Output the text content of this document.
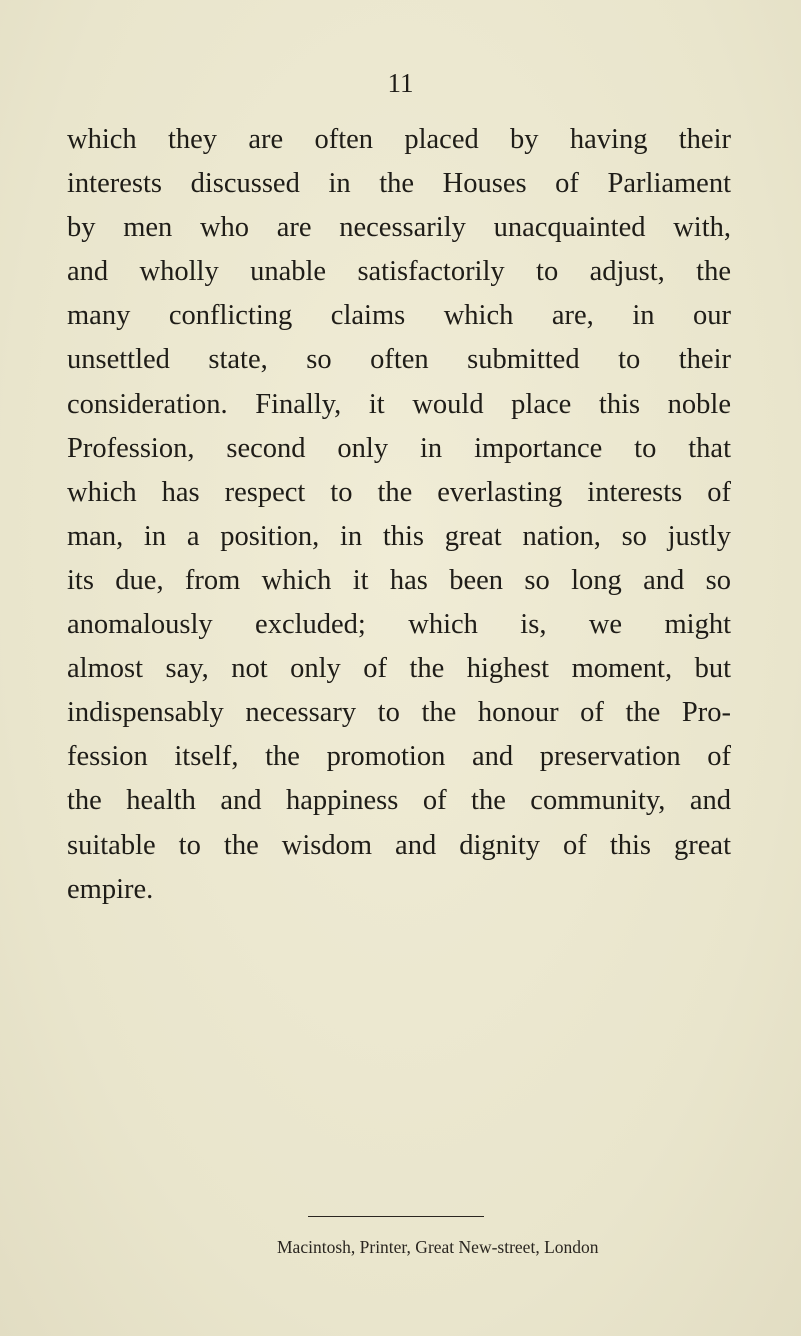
11
which they are often placed by having their
interests discussed in the Houses of Parliament
by men who are necessarily unacquainted with,
and wholly unable satisfactorily to adjust, the
many conflicting claims which are, in our
unsettled state, so often submitted to their
consideration. Finally, it would place this noble
Profession, second only in importance to that
which has respect to the everlasting interests of
man, in a position, in this great nation, so justly
its due, from which it has been so long and so
anomalously excluded; which is, we might
almost say, not only of the highest moment, but
indispensably necessary to the honour of the Pro-
fession itself, the promotion and preservation of
the health and happiness of the community, and
suitable to the wisdom and dignity of this great
empire.
Macintosh, Printer, Great New-street, London
